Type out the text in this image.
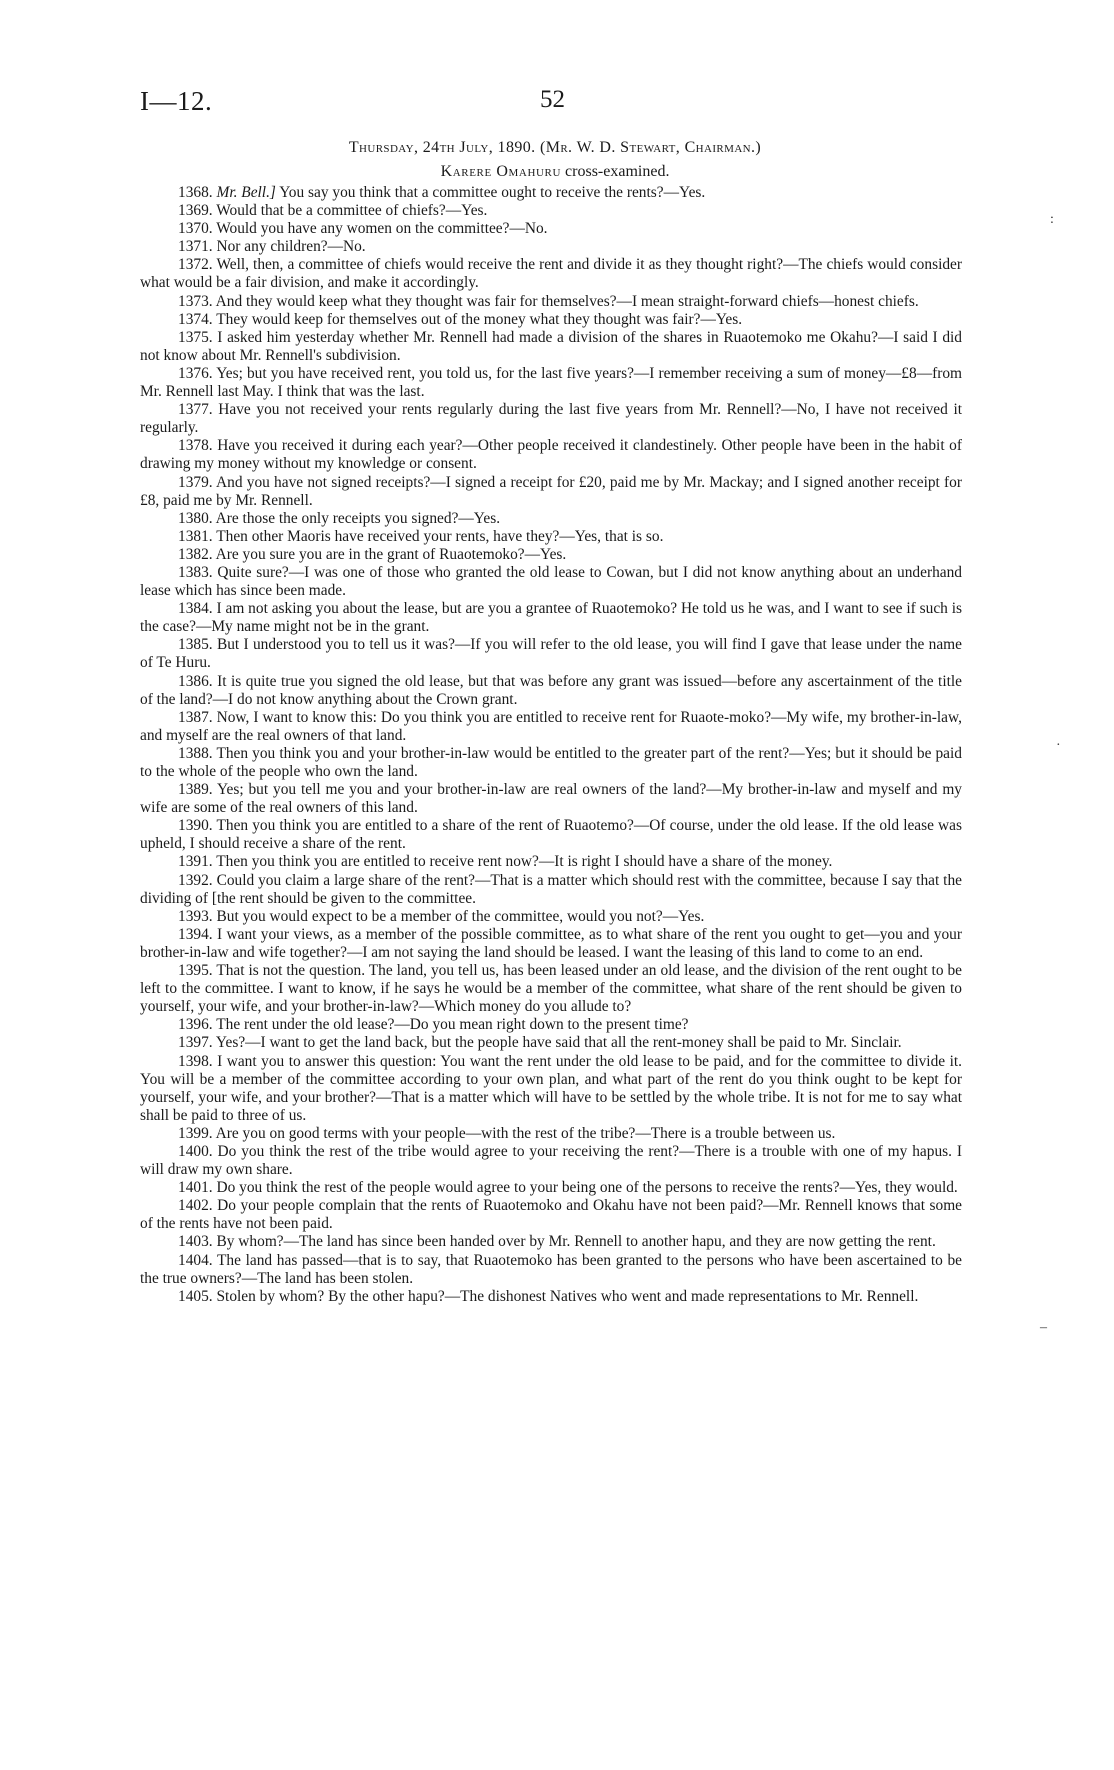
I—12.	52
Thursday, 24th July, 1890. (Mr. W. D. Stewart, Chairman.)
Karere Omahuru cross-examined.

1368. Mr. Bell.] You say you think that a committee ought to receive the rents?—Yes.

1369. Would that be a committee of chiefs?—Yes.

1370. Would you have any women on the committee?—No.

1371. Nor any children?—No.

1372. Well, then, a committee of chiefs would receive the rent and divide it as they thought right?—The chiefs would consider what would be a fair division, and make it accordingly.

1373. And they would keep what they thought was fair for themselves?—I mean straight-forward chiefs—honest chiefs.

1374. They would keep for themselves out of the money what they thought was fair?—Yes.

1375. I asked him yesterday whether Mr. Rennell had made a division of the shares in Ruaotemoko me Okahu?—I said I did not know about Mr. Rennell's subdivision.

1376. Yes; but you have received rent, you told us, for the last five years?—I remember receiving a sum of money—£8—from Mr. Rennell last May. I think that was the last.

1377. Have you not received your rents regularly during the last five years from Mr. Rennell?—No, I have not received it regularly.

1378. Have you received it during each year?—Other people received it clandestinely. Other people have been in the habit of drawing my money without my knowledge or consent.

1379. And you have not signed receipts?—I signed a receipt for £20, paid me by Mr. Mackay; and I signed another receipt for £8, paid me by Mr. Rennell.

1380. Are those the only receipts you signed?—Yes.

1381. Then other Maoris have received your rents, have they?—Yes, that is so.

1382. Are you sure you are in the grant of Ruaotemoko?—Yes.

1383. Quite sure?—I was one of those who granted the old lease to Cowan, but I did not know anything about an underhand lease which has since been made.

1384. I am not asking you about the lease, but are you a grantee of Ruaotemoko? He told us he was, and I want to see if such is the case?—My name might not be in the grant.

1385. But I understood you to tell us it was?—If you will refer to the old lease, you will find I gave that lease under the name of Te Huru.

1386. It is quite true you signed the old lease, but that was before any grant was issued—before any ascertainment of the title of the land?—I do not know anything about the Crown grant.

1387. Now, I want to know this: Do you think you are entitled to receive rent for Ruaote-moko?—My wife, my brother-in-law, and myself are the real owners of that land.

1388. Then you think you and your brother-in-law would be entitled to the greater part of the rent?—Yes; but it should be paid to the whole of the people who own the land.

1389. Yes; but you tell me you and your brother-in-law are real owners of the land?—My brother-in-law and myself and my wife are some of the real owners of this land.

1390. Then you think you are entitled to a share of the rent of Ruaotemo?—Of course, under the old lease. If the old lease was upheld, I should receive a share of the rent.

1391. Then you think you are entitled to receive rent now?—It is right I should have a share of the money.

1392. Could you claim a large share of the rent?—That is a matter which should rest with the committee, because I say that the dividing of [the rent should be given to the committee.

1393. But you would expect to be a member of the committee, would you not?—Yes.

1394. I want your views, as a member of the possible committee, as to what share of the rent you ought to get—you and your brother-in-law and wife together?—I am not saying the land should be leased. I want the leasing of this land to come to an end.

1395. That is not the question. The land, you tell us, has been leased under an old lease, and the division of the rent ought to be left to the committee. I want to know, if he says he would be a member of the committee, what share of the rent should be given to yourself, your wife, and your brother-in-law?—Which money do you allude to?

1396. The rent under the old lease?—Do you mean right down to the present time?

1397. Yes?—I want to get the land back, but the people have said that all the rent-money shall be paid to Mr. Sinclair.

1398. I want you to answer this question: You want the rent under the old lease to be paid, and for the committee to divide it. You will be a member of the committee according to your own plan, and what part of the rent do you think ought to be kept for yourself, your wife, and your brother?—That is a matter which will have to be settled by the whole tribe. It is not for me to say what shall be paid to three of us.

1399. Are you on good terms with your people—with the rest of the tribe?—There is a trouble between us.

1400. Do you think the rest of the tribe would agree to your receiving the rent?—There is a trouble with one of my hapus. I will draw my own share.

1401. Do you think the rest of the people would agree to your being one of the persons to receive the rents?—Yes, they would.

1402. Do your people complain that the rents of Ruaotemoko and Okahu have not been paid?—Mr. Rennell knows that some of the rents have not been paid.

1403. By whom?—The land has since been handed over by Mr. Rennell to another hapu, and they are now getting the rent.

1404. The land has passed—that is to say, that Ruaotemoko has been granted to the persons who have been ascertained to be the true owners?—The land has been stolen.

1405. Stolen by whom? By the other hapu?—The dishonest Natives who went and made representations to Mr. Rennell.

:
·
–
